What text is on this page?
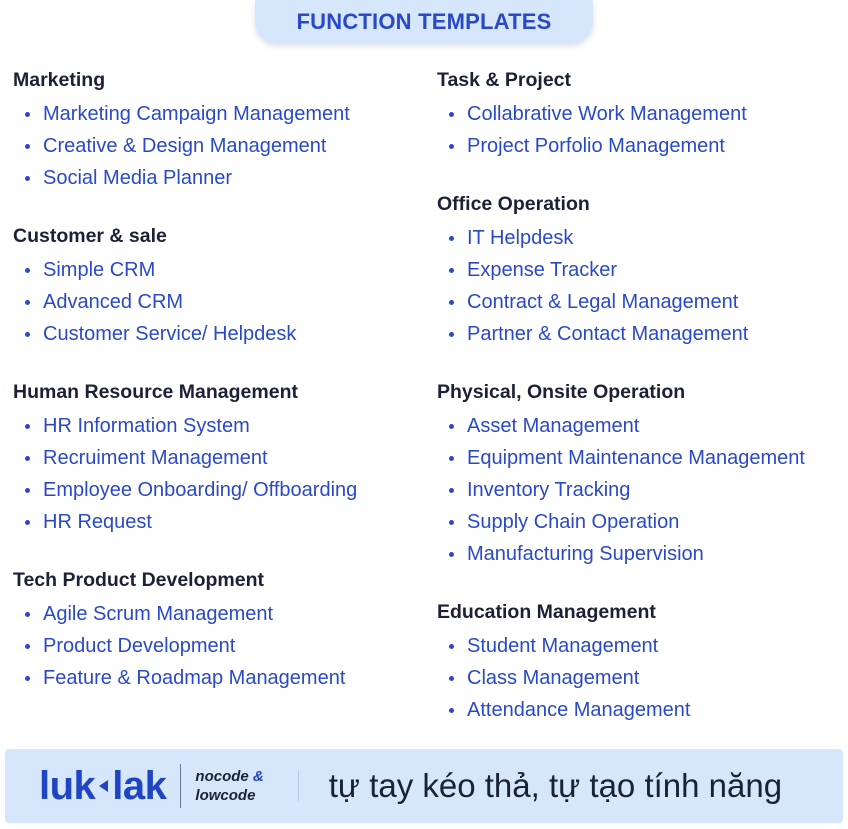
FUNCTION TEMPLATES
Marketing
Marketing Campaign Management
Creative & Design Management
Social Media Planner
Customer & sale
Simple CRM
Advanced CRM
Customer Service/ Helpdesk
Human Resource Management
HR Information System
Recruiment Management
Employee Onboarding/ Offboarding
HR Request
Tech Product Development
Agile Scrum Management
Product Development
Feature & Roadmap Management
Task & Project
Collabrative Work Management
Project Porfolio Management
Office Operation
IT Helpdesk
Expense Tracker
Contract & Legal Management
Partner & Contact Management
Physical, Onsite Operation
Asset Management
Equipment Maintenance Management
Inventory Tracking
Supply Chain Operation
Manufacturing Supervision
Education Management
Student Management
Class Management
Attendance Management
luk lak nocode &
lowcode tự tay kéo thả, tự tạo tính năng
